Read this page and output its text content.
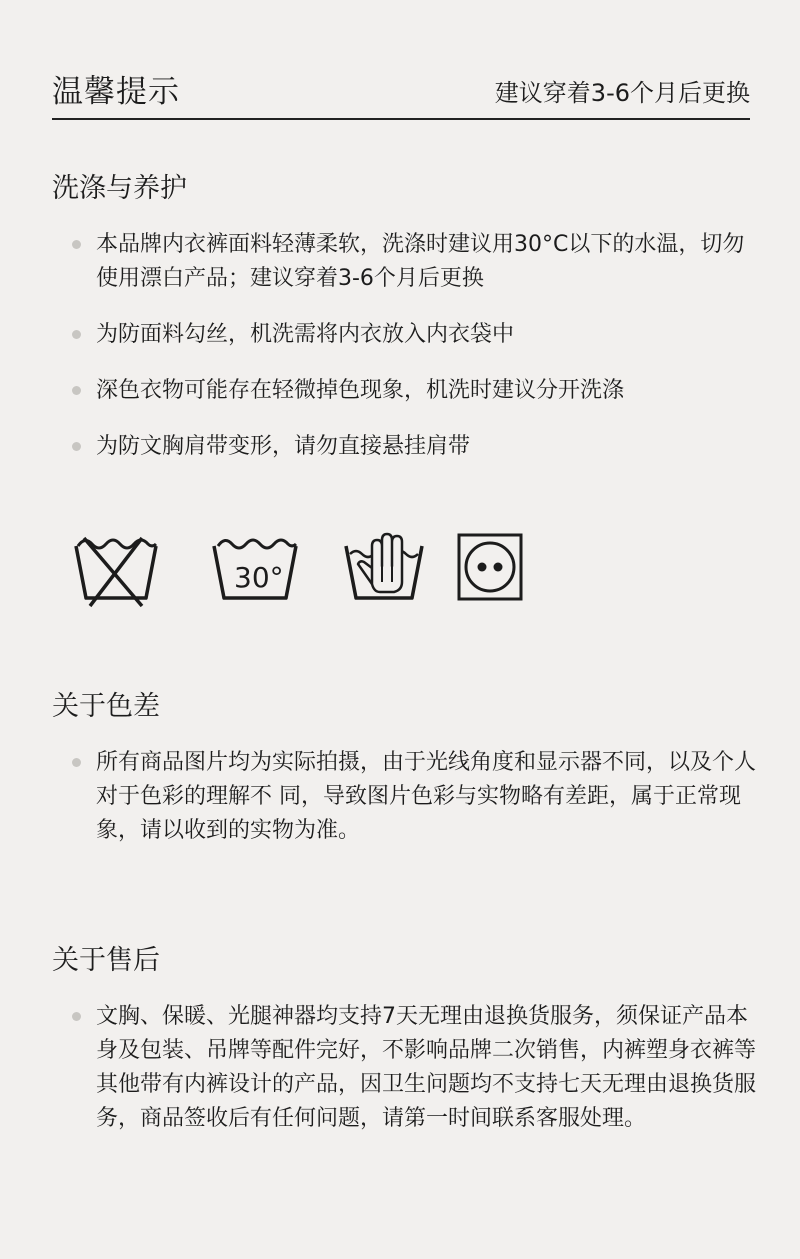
温馨提示	建议穿着3-6个月后更换
洗涤与养护
本品牌内衣裤面料轻薄柔软，洗涤时建议用30°C以下的水温，切勿使用漂白产品；建议穿着3-6个月后更换
为防面料勾丝，机洗需将内衣放入内衣袋中
深色衣物可能存在轻微掉色现象，机洗时建议分开洗涤
为防文胸肩带变形，请勿直接悬挂肩带
30°
关于色差
所有商品图片均为实际拍摄，由于光线角度和显示器不同，以及个人对于色彩的理解不 同，导致图片色彩与实物略有差距，属于正常现象，请以收到的实物为准。
关于售后
文胸、保暖、光腿神器均支持7天无理由退换货服务，须保证产品本身及包装、吊牌等配件完好，不影响品牌二次销售，内裤塑身衣裤等其他带有内裤设计的产品，因卫生问题均不支持七天无理由退换货服务，商品签收后有任何问题，请第一时间联系客服处理。
